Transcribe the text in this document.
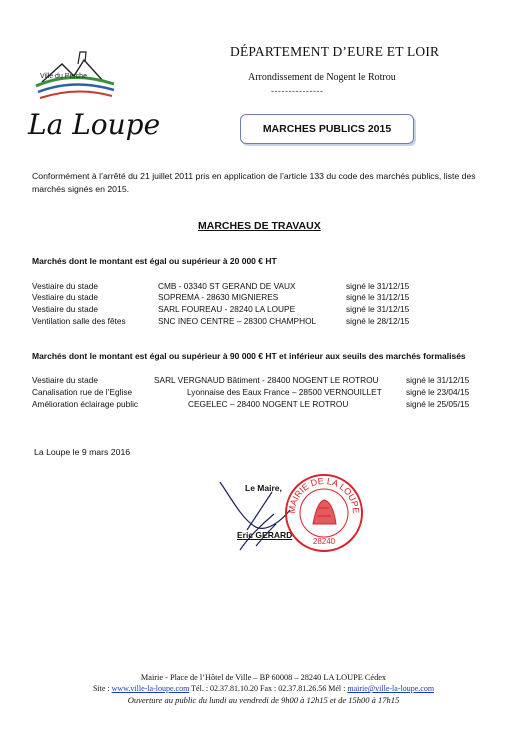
Ville du Perche
La Loupe
DÉPARTEMENT D’EURE ET LOIR
Arrondissement de Nogent le Rotrou
---------------
MARCHES PUBLICS 2015
Conformément à l’arrêté du 21 juillet 2011 pris en application de l’article 133 du code des marchés publics, liste des marchés signés en 2015.
MARCHES DE TRAVAUX
Marchés dont le montant est égal ou supérieur à 20 000 € HT
Vestiaire du stade	CMB - 03340 ST GERAND DE VAUX	signé le 31/12/15
Vestiaire du stade	SOPREMA - 28630 MIGNIERES	signé le 31/12/15
Vestiaire du stade	SARL FOUREAU - 28240 LA LOUPE	signé le 31/12/15
Ventilation salle des fêtes	SNC INEO CENTRE – 28300 CHAMPHOL	signé le 28/12/15
Marchés dont le montant est égal ou supérieur à 90 000 € HT et inférieur aux seuils des marchés formalisés
Vestiaire du stade	SARL VERGNAUD Bâtiment - 28400 NOGENT LE ROTROU	signé le 31/12/15
Canalisation rue de l’Eglise	Lyonnaise des Eaux France – 28500 VERNOUILLET	signé le 23/04/15
Amélioration éclairage public	CEGELEC – 28400 NOGENT LE ROTROU	signé le 25/05/15
La Loupe le 9 mars 2016
Le Maire,
Eric GERARD
MAIRIE DE LA LOUPE
28240
Mairie - Place de l’Hôtel de Ville – BP 60008 – 28240 LA LOUPE Cédex
Site : www.ville-la-loupe.com Tél. : 02.37.81.10.20 Fax : 02.37.81.26.56 Mél : mairie@ville-la-loupe.com
Ouverture au public du lundi au vendredi de 9h00 à 12h15 et de 15h00 à 17h15
